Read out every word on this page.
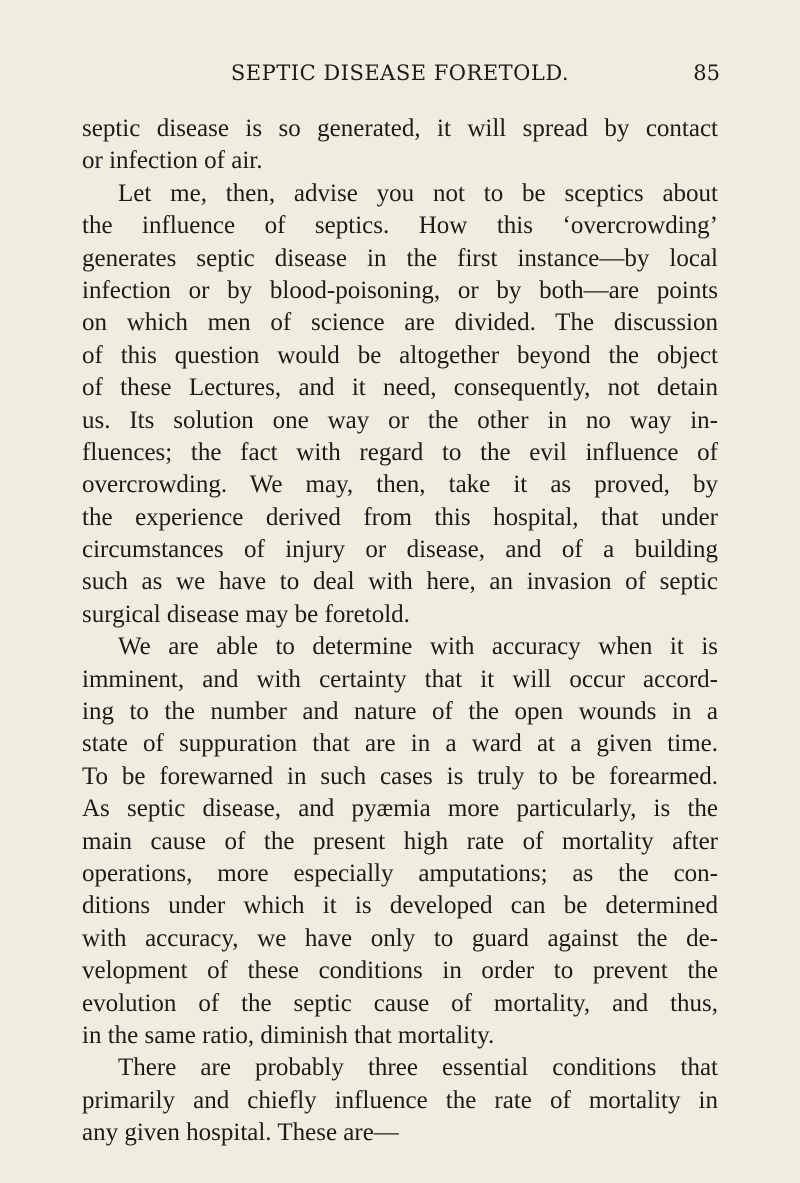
SEPTIC DISEASE FORETOLD.	85
septic disease is so generated, it will spread by contact
or infection of air.
Let me, then, advise you not to be sceptics about
the influence of septics. How this ‘overcrowding’
generates septic disease in the first instance—by local
infection or by blood-poisoning, or by both—are points
on which men of science are divided. The discussion
of this question would be altogether beyond the object
of these Lectures, and it need, consequently, not detain
us. Its solution one way or the other in no way in-
fluences; the fact with regard to the evil influence of
overcrowding. We may, then, take it as proved, by
the experience derived from this hospital, that under
circumstances of injury or disease, and of a building
such as we have to deal with here, an invasion of septic
surgical disease may be foretold.
We are able to determine with accuracy when it is
imminent, and with certainty that it will occur accord-
ing to the number and nature of the open wounds in a
state of suppuration that are in a ward at a given time.
To be forewarned in such cases is truly to be forearmed.
As septic disease, and pyæmia more particularly, is the
main cause of the present high rate of mortality after
operations, more especially amputations; as the con-
ditions under which it is developed can be determined
with accuracy, we have only to guard against the de-
velopment of these conditions in order to prevent the
evolution of the septic cause of mortality, and thus,
in the same ratio, diminish that mortality.
There are probably three essential conditions that
primarily and chiefly influence the rate of mortality in
any given hospital. These are—
